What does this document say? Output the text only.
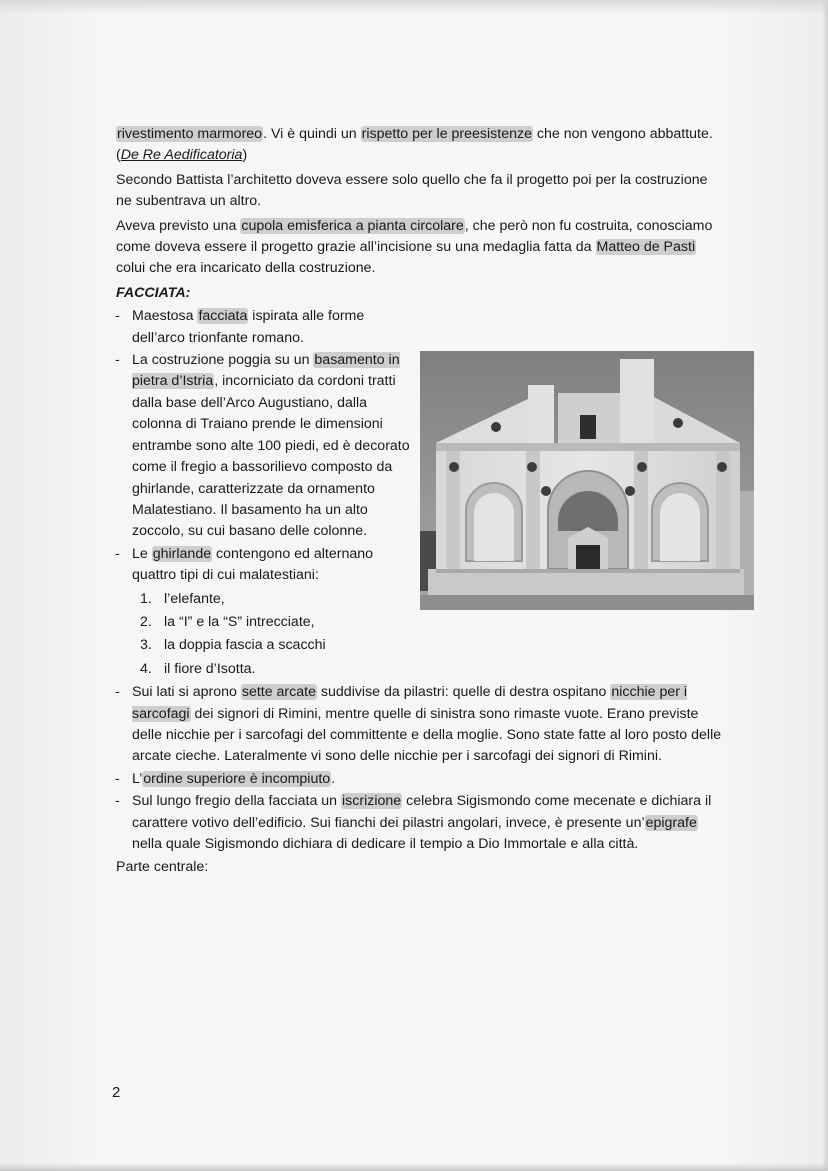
rivestimento marmoreo. Vi è quindi un rispetto per le preesistenze che non vengono abbattute. (De Re Aedificatoria)

Secondo Battista l’architetto doveva essere solo quello che fa il progetto poi per la costruzione ne subentrava un altro.

Aveva previsto una cupola emisferica a pianta circolare, che però non fu costruita, conosciamo come doveva essere il progetto grazie all’incisione su una medaglia fatta da Matteo de Pasti colui che era incaricato della costruzione.

FACCIATA:
- Maestosa facciata ispirata alle forme dell’arco trionfante romano.
- La costruzione poggia su un basamento in pietra d’Istria, incorniciato da cordoni tratti dalla base dell’Arco Augustiano, dalla colonna di Traiano prende le dimensioni entrambe sono alte 100 piedi, ed è decorato come il fregio a bassorilievo composto da ghirlande, caratterizzate da ornamento Malatestiano. Il basamento ha un alto zoccolo, su cui basano delle colonne.
- Le ghirlande contengono ed alternano quattro tipi di cui malatestiani:
1. l’elefante,
2. la “I” e la “S” intrecciate,
3. la doppia fascia a scacchi
4. il fiore d’Isotta.
- Sui lati si aprono sette arcate suddivise da pilastri: quelle di destra ospitano nicchie per i sarcofagi dei signori di Rimini, mentre quelle di sinistra sono rimaste vuote. Erano previste delle nicchie per i sarcofagi del committente e della moglie. Sono state fatte al loro posto delle arcate cieche. Lateralmente vi sono delle nicchie per i sarcofagi dei signori di Rimini.
- L’ordine superiore è incompiuto.
- Sul lungo fregio della facciata un iscrizione celebra Sigismondo come mecenate e dichiara il carattere votivo dell’edificio. Sui fianchi dei pilastri angolari, invece, è presente un’epigrafe nella quale Sigismondo dichiara di dedicare il tempio a Dio Immortale e alla città.

Parte centrale:

2
